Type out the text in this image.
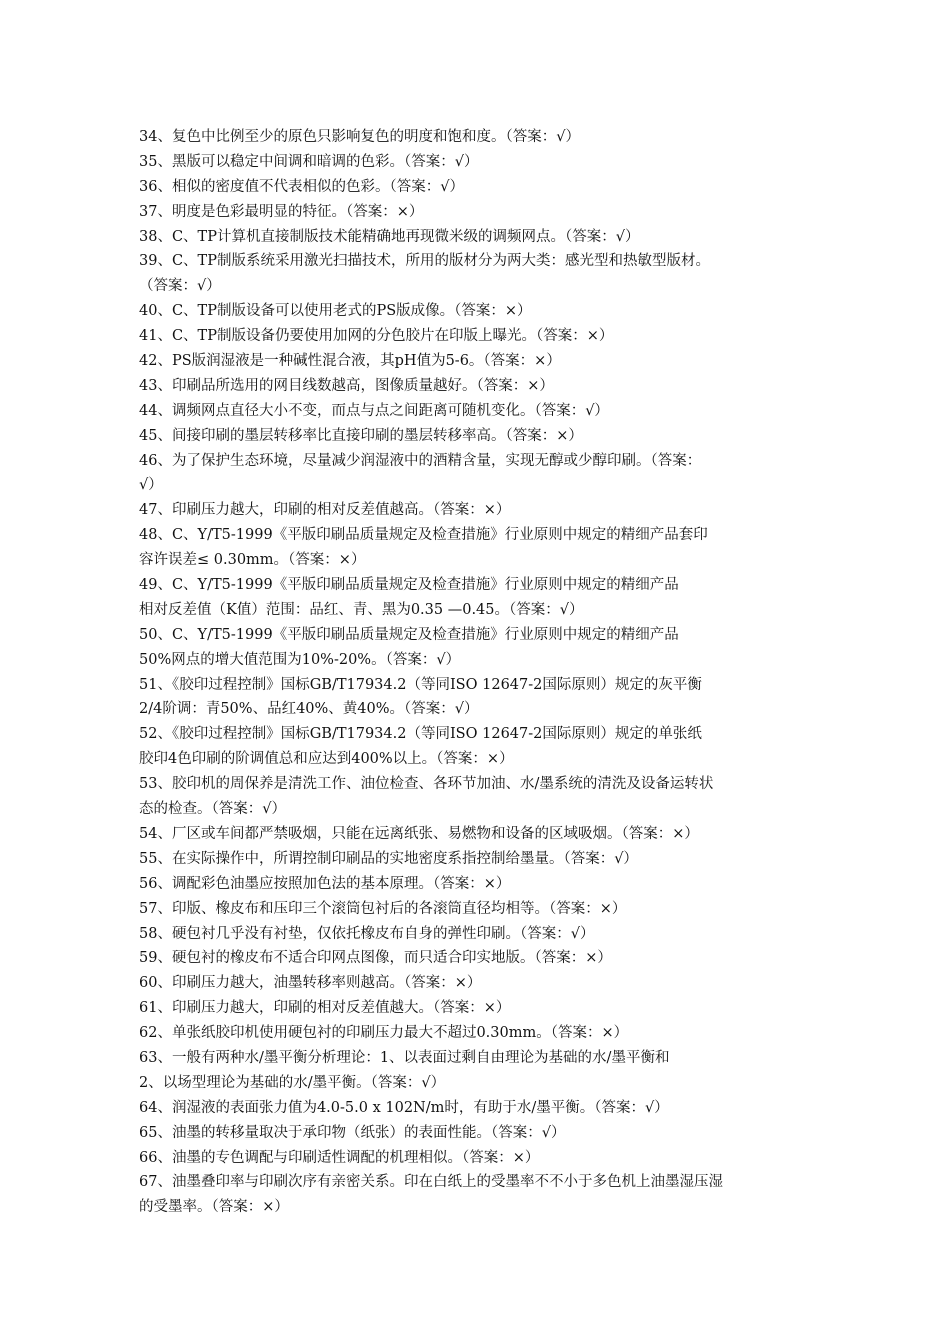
34、复色中比例至少的原色只影响复色的明度和饱和度。（答案：√）
35、黑版可以稳定中间调和暗调的色彩。（答案：√）
36、相似的密度值不代表相似的色彩。（答案：√）
37、明度是色彩最明显的特征。（答案：×）
38、C、TP计算机直接制版技术能精确地再现微米级的调频网点。（答案：√）
39、C、TP制版系统采用激光扫描技术，所用的版材分为两大类：感光型和热敏型版材。
（答案：√）
40、C、TP制版设备可以使用老式的PS版成像。（答案：×）
41、C、TP制版设备仍要使用加网的分色胶片在印版上曝光。（答案：×）
42、PS版润湿液是一种碱性混合液，其pH值为5-6。（答案：×）
43、印刷品所选用的网目线数越高，图像质量越好。（答案：×）
44、调频网点直径大小不变，而点与点之间距离可随机变化。（答案：√）
45、间接印刷的墨层转移率比直接印刷的墨层转移率高。（答案：×）
46、为了保护生态环境，尽量减少润湿液中的酒精含量，实现无醇或少醇印刷。（答案：
√）
47、印刷压力越大，印刷的相对反差值越高。（答案：×）
48、C、Y/T5-1999《平版印刷品质量规定及检查措施》行业原则中规定的精细产品套印
容许误差≤ 0.30mm。（答案：×）
49、C、Y/T5-1999《平版印刷品质量规定及检查措施》行业原则中规定的精细产品
相对反差值（K值）范围：品红、青、黑为0.35 —0.45。（答案：√）
50、C、Y/T5-1999《平版印刷品质量规定及检查措施》行业原则中规定的精细产品
50%网点的增大值范围为10%-20%。（答案：√）
51、《胶印过程控制》国标GB/T17934.2（等同ISO 12647-2国际原则）规定的灰平衡
2/4阶调：青50%、品红40%、黄40%。（答案：√）
52、《胶印过程控制》国标GB/T17934.2（等同ISO 12647-2国际原则）规定的单张纸
胶印4色印刷的阶调值总和应达到400%以上。（答案：×）
53、胶印机的周保养是清洗工作、油位检查、各环节加油、水/墨系统的清洗及设备运转状
态的检查。（答案：√）
54、厂区或车间都严禁吸烟，只能在远离纸张、易燃物和设备的区域吸烟。（答案：×）
55、在实际操作中，所谓控制印刷品的实地密度系指控制给墨量。（答案：√）
56、调配彩色油墨应按照加色法的基本原理。（答案：×）
57、印版、橡皮布和压印三个滚筒包衬后的各滚筒直径均相等。（答案：×）
58、硬包衬几乎没有衬垫，仅依托橡皮布自身的弹性印刷。（答案：√）
59、硬包衬的橡皮布不适合印网点图像，而只适合印实地版。（答案：×）
60、印刷压力越大，油墨转移率则越高。（答案：×）
61、印刷压力越大，印刷的相对反差值越大。（答案：×）
62、单张纸胶印机使用硬包衬的印刷压力最大不超过0.30mm。（答案：×）
63、一般有两种水/墨平衡分析理论：1、以表面过剩自由理论为基础的水/墨平衡和
2、以场型理论为基础的水/墨平衡。（答案：√）
64、润湿液的表面张力值为4.0-5.0 x 102N/m时，有助于水/墨平衡。（答案：√）
65、油墨的转移量取决于承印物（纸张）的表面性能。（答案：√）
66、油墨的专色调配与印刷适性调配的机理相似。（答案：×）
67、油墨叠印率与印刷次序有亲密关系。印在白纸上的受墨率不不小于多色机上油墨湿压湿
的受墨率。（答案：×）
